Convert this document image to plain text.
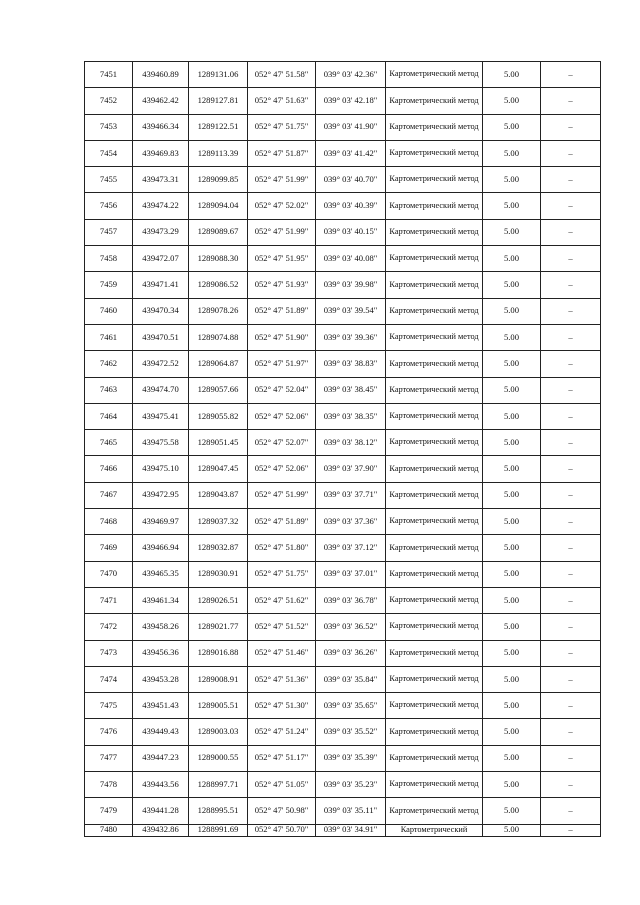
7451	439460.89	1289131.06	052° 47' 51.58"	039° 03' 42.36"	Картометрический метод	5.00	–
7452	439462.42	1289127.81	052° 47' 51.63"	039° 03' 42.18"	Картометрический метод	5.00	–
7453	439466.34	1289122.51	052° 47' 51.75"	039° 03' 41.90"	Картометрический метод	5.00	–
7454	439469.83	1289113.39	052° 47' 51.87"	039° 03' 41.42"	Картометрический метод	5.00	–
7455	439473.31	1289099.85	052° 47' 51.99"	039° 03' 40.70"	Картометрический метод	5.00	–
7456	439474.22	1289094.04	052° 47' 52.02"	039° 03' 40.39"	Картометрический метод	5.00	–
7457	439473.29	1289089.67	052° 47' 51.99"	039° 03' 40.15"	Картометрический метод	5.00	–
7458	439472.07	1289088.30	052° 47' 51.95"	039° 03' 40.08"	Картометрический метод	5.00	–
7459	439471.41	1289086.52	052° 47' 51.93"	039° 03' 39.98"	Картометрический метод	5.00	–
7460	439470.34	1289078.26	052° 47' 51.89"	039° 03' 39.54"	Картометрический метод	5.00	–
7461	439470.51	1289074.88	052° 47' 51.90"	039° 03' 39.36"	Картометрический метод	5.00	–
7462	439472.52	1289064.87	052° 47' 51.97"	039° 03' 38.83"	Картометрический метод	5.00	–
7463	439474.70	1289057.66	052° 47' 52.04"	039° 03' 38.45"	Картометрический метод	5.00	–
7464	439475.41	1289055.82	052° 47' 52.06"	039° 03' 38.35"	Картометрический метод	5.00	–
7465	439475.58	1289051.45	052° 47' 52.07"	039° 03' 38.12"	Картометрический метод	5.00	–
7466	439475.10	1289047.45	052° 47' 52.06"	039° 03' 37.90"	Картометрический метод	5.00	–
7467	439472.95	1289043.87	052° 47' 51.99"	039° 03' 37.71"	Картометрический метод	5.00	–
7468	439469.97	1289037.32	052° 47' 51.89"	039° 03' 37.36"	Картометрический метод	5.00	–
7469	439466.94	1289032.87	052° 47' 51.80"	039° 03' 37.12"	Картометрический метод	5.00	–
7470	439465.35	1289030.91	052° 47' 51.75"	039° 03' 37.01"	Картометрический метод	5.00	–
7471	439461.34	1289026.51	052° 47' 51.62"	039° 03' 36.78"	Картометрический метод	5.00	–
7472	439458.26	1289021.77	052° 47' 51.52"	039° 03' 36.52"	Картометрический метод	5.00	–
7473	439456.36	1289016.88	052° 47' 51.46"	039° 03' 36.26"	Картометрический метод	5.00	–
7474	439453.28	1289008.91	052° 47' 51.36"	039° 03' 35.84"	Картометрический метод	5.00	–
7475	439451.43	1289005.51	052° 47' 51.30"	039° 03' 35.65"	Картометрический метод	5.00	–
7476	439449.43	1289003.03	052° 47' 51.24"	039° 03' 35.52"	Картометрический метод	5.00	–
7477	439447.23	1289000.55	052° 47' 51.17"	039° 03' 35.39"	Картометрический метод	5.00	–
7478	439443.56	1288997.71	052° 47' 51.05"	039° 03' 35.23"	Картометрический метод	5.00	–
7479	439441.28	1288995.51	052° 47' 50.98"	039° 03' 35.11"	Картометрический метод	5.00	–
7480	439432.86	1288991.69	052° 47' 50.70"	039° 03' 34.91"	Картометрический	5.00	–
